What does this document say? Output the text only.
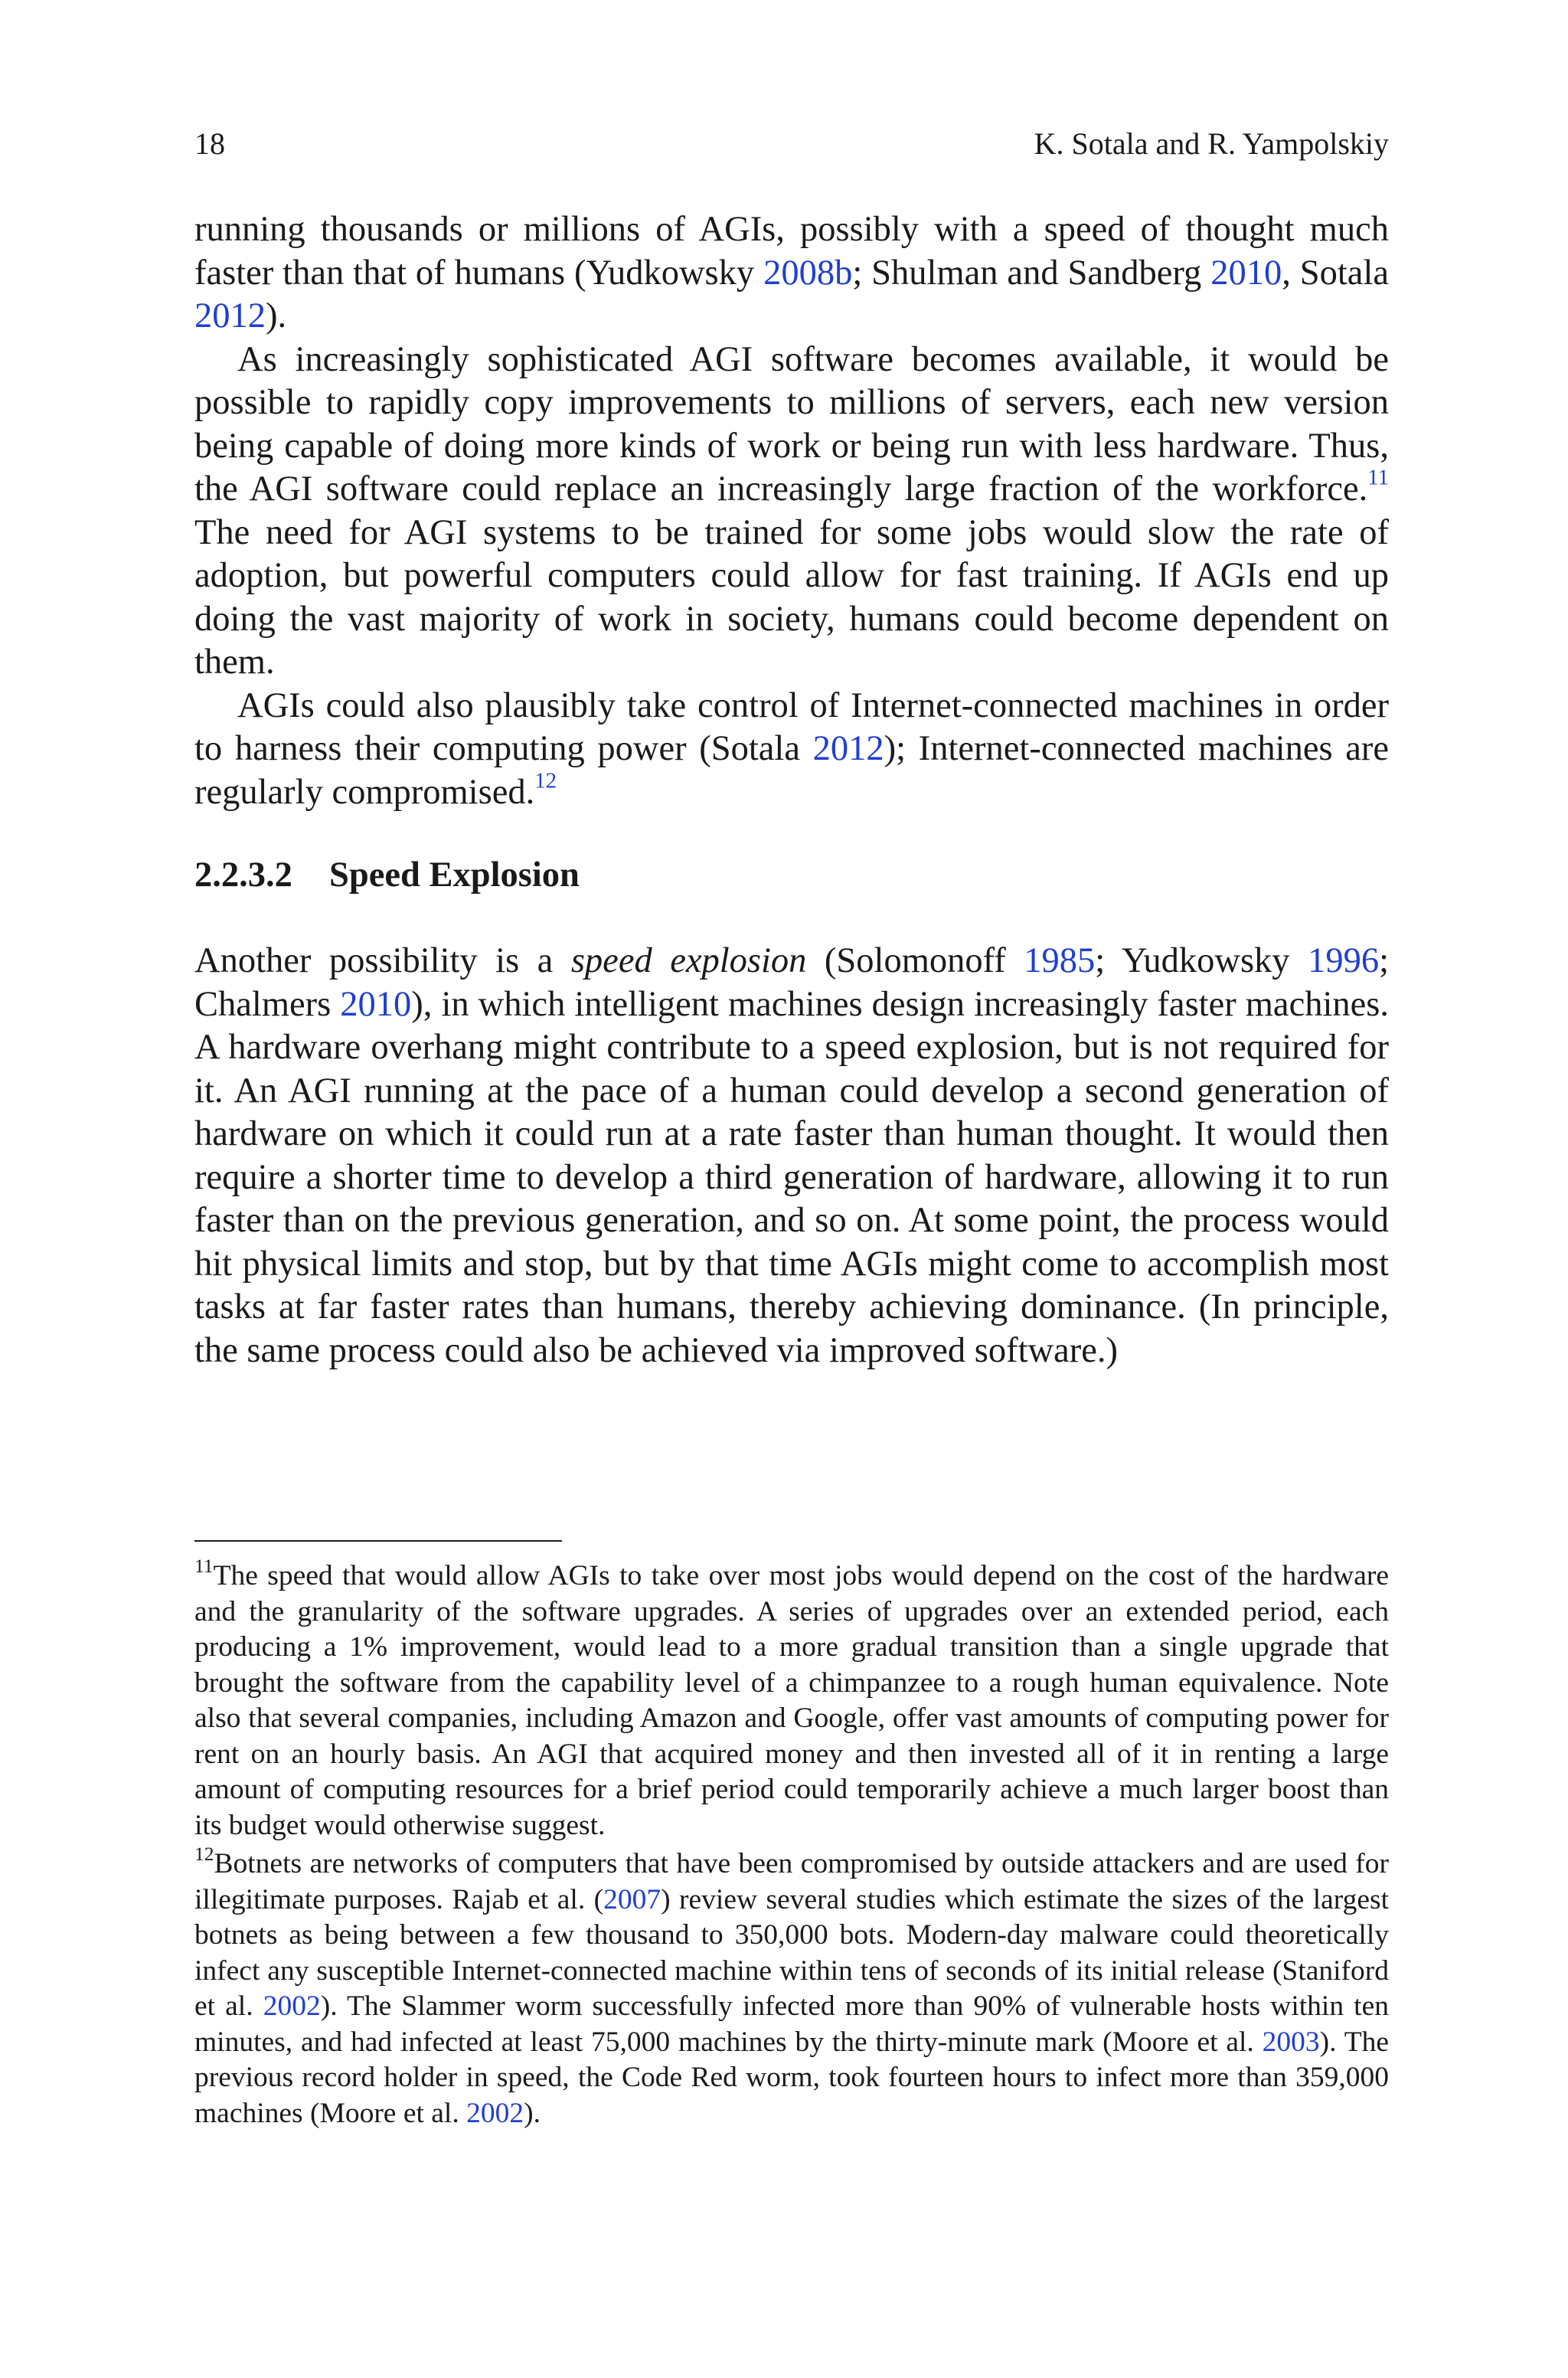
18	K. Sotala and R. Yampolskiy

running thousands or millions of AGIs, possibly with a speed of thought much faster than that of humans (Yudkowsky 2008b; Shulman and Sandberg 2010, Sotala 2012).

As increasingly sophisticated AGI software becomes available, it would be possible to rapidly copy improvements to millions of servers, each new version being capable of doing more kinds of work or being run with less hardware. Thus, the AGI software could replace an increasingly large fraction of the workforce.$^{11}$ The need for AGI systems to be trained for some jobs would slow the rate of adoption, but powerful computers could allow for fast training. If AGIs end up doing the vast majority of work in society, humans could become dependent on them.

AGIs could also plausibly take control of Internet-connected machines in order to harness their computing power (Sotala 2012); Internet-connected machines are regularly compromised.$^{12}$

2.2.3.2 Speed Explosion

Another possibility is a speed explosion (Solomonoff 1985; Yudkowsky 1996; Chalmers 2010), in which intelligent machines design increasingly faster machines. A hardware overhang might contribute to a speed explosion, but is not required for it. An AGI running at the pace of a human could develop a second generation of hardware on which it could run at a rate faster than human thought. It would then require a shorter time to develop a third generation of hardware, allowing it to run faster than on the previous generation, and so on. At some point, the process would hit physical limits and stop, but by that time AGIs might come to accomplish most tasks at far faster rates than humans, thereby achieving dominance. (In principle, the same process could also be achieved via improved software.)

$^{11}$The speed that would allow AGIs to take over most jobs would depend on the cost of the hardware and the granularity of the software upgrades. A series of upgrades over an extended period, each producing a 1% improvement, would lead to a more gradual transition than a single upgrade that brought the software from the capability level of a chimpanzee to a rough human equivalence. Note also that several companies, including Amazon and Google, offer vast amounts of computing power for rent on an hourly basis. An AGI that acquired money and then invested all of it in renting a large amount of computing resources for a brief period could temporarily achieve a much larger boost than its budget would otherwise suggest.

$^{12}$Botnets are networks of computers that have been compromised by outside attackers and are used for illegitimate purposes. Rajab et al. (2007) review several studies which estimate the sizes of the largest botnets as being between a few thousand to 350,000 bots. Modern-day malware could theoretically infect any susceptible Internet-connected machine within tens of seconds of its initial release (Staniford et al. 2002). The Slammer worm successfully infected more than 90% of vulnerable hosts within ten minutes, and had infected at least 75,000 machines by the thirty-minute mark (Moore et al. 2003). The previous record holder in speed, the Code Red worm, took fourteen hours to infect more than 359,000 machines (Moore et al. 2002).
